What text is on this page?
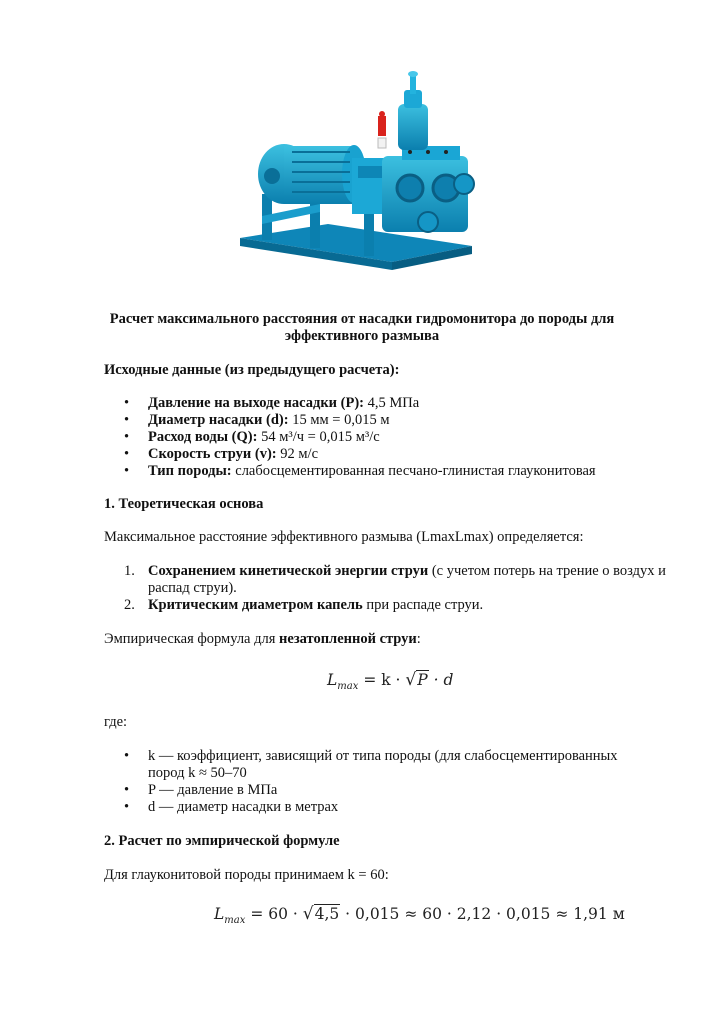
Расчет максимального расстояния от насадки гидромонитора до породы для эффективного размыва
Исходные данные (из предыдущего расчета):
• Давление на выходе насадки (P): 4,5 МПа
• Диаметр насадки (d): 15 мм = 0,015 м
• Расход воды (Q): 54 м³/ч = 0,015 м³/с
• Скорость струи (v): 92 м/с
• Тип породы: слабосцементированная песчано-глинистая глауконитовая
1. Теоретическая основа
Максимальное расстояние эффективного размыва (LmaxLmax) определяется:
1. Сохранением кинетической энергии струи (с учетом потерь на трение о воздух и распад струи).
2. Критическим диаметром капель при распаде струи.
Эмпирическая формула для незатопленной струи:
$L_{max} = k \cdot √P \cdot d$
где:
• k — коэффициент, зависящий от типа породы (для слабосцементированных пород k ≈ 50–70
• P — давление в МПа
• d — диаметр насадки в метрах
2. Расчет по эмпирической формуле
Для глауконитовой породы принимаем k = 60:
$L_{max} = 60 \cdot √4,5 \cdot 0,015 \approx 60 \cdot 2,12 \cdot 0,015 \approx 1,91$ м
